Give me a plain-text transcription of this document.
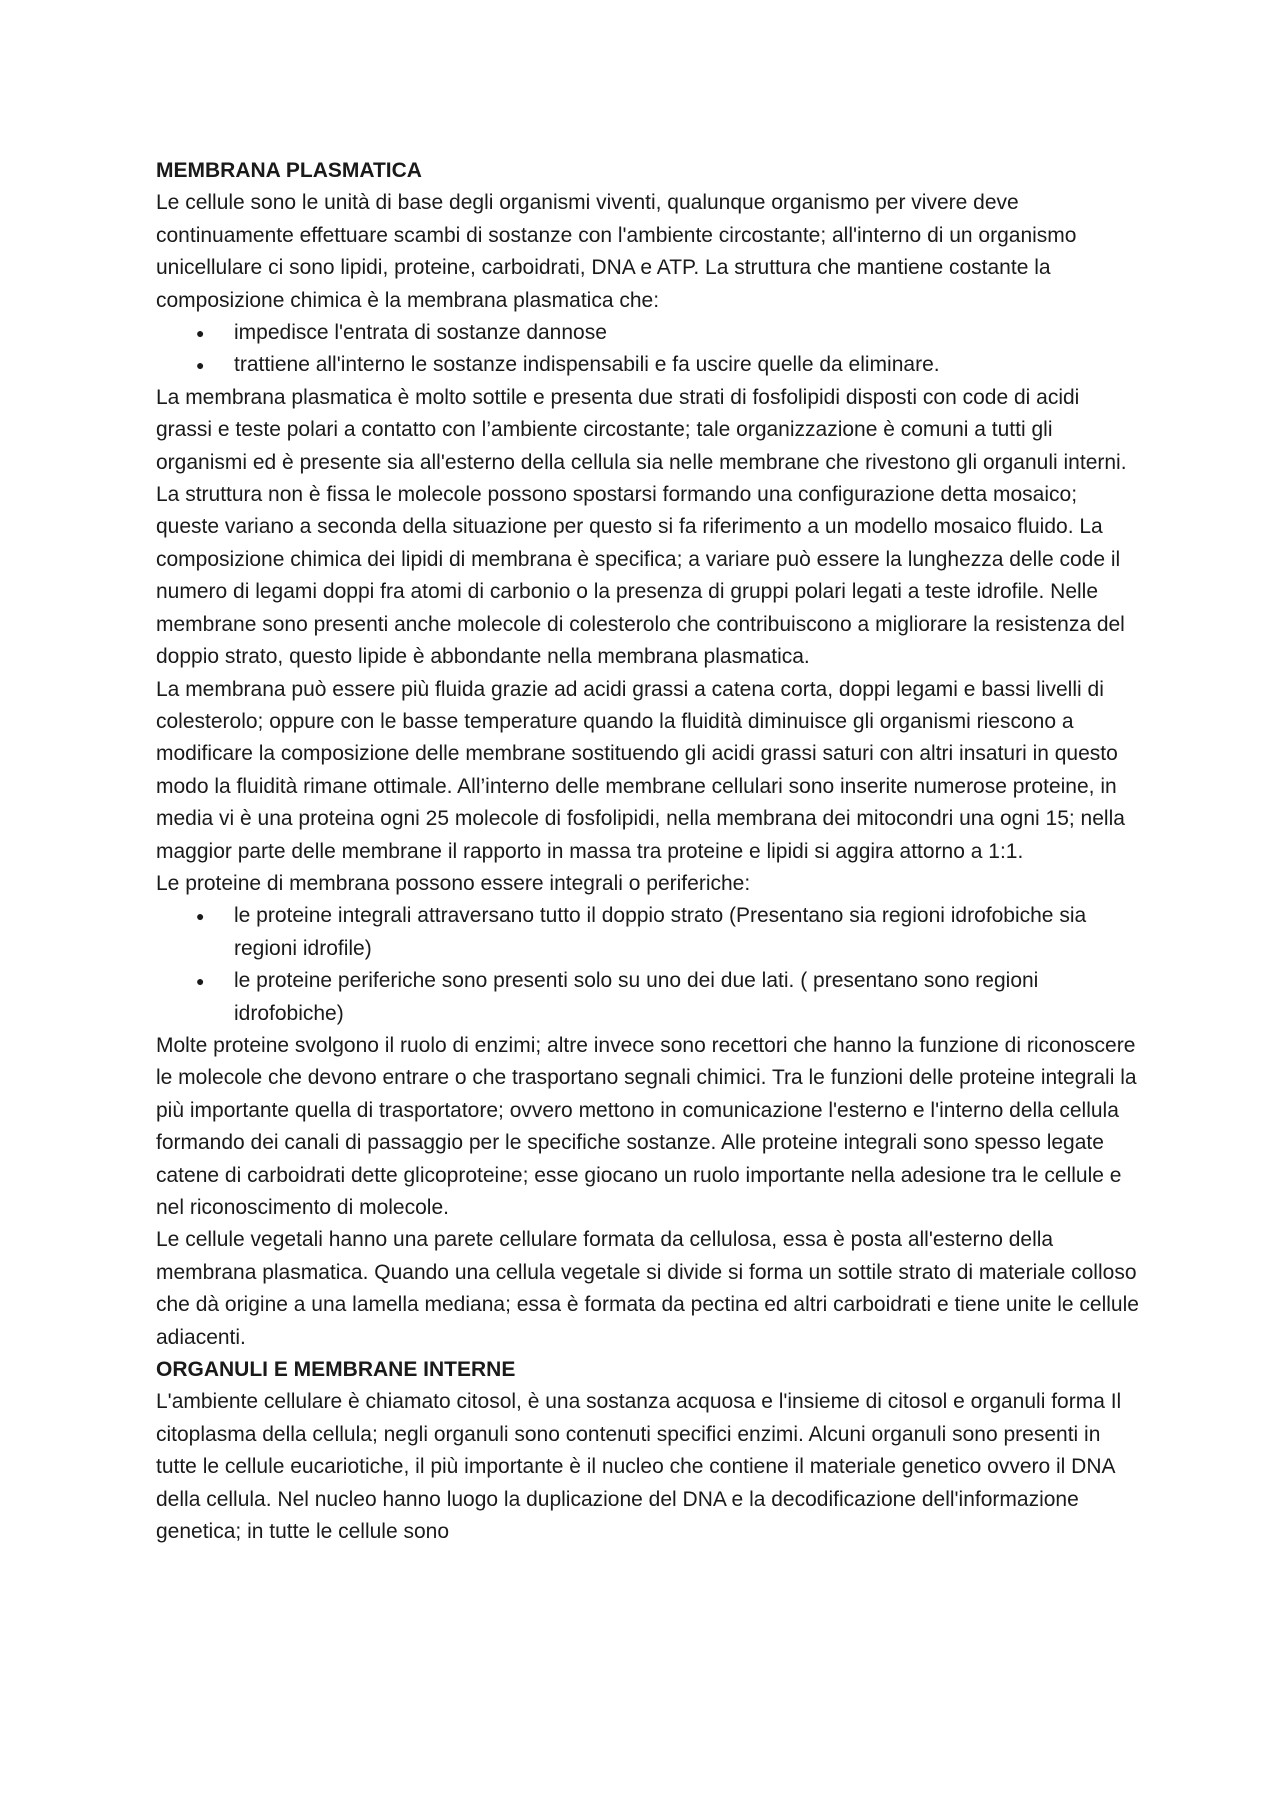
MEMBRANA PLASMATICA

Le cellule sono le unità di base degli organismi viventi, qualunque organismo per vivere deve continuamente effettuare scambi di sostanze con l'ambiente circostante; all'interno di un organismo unicellulare ci sono lipidi, proteine, carboidrati, DNA e ATP. La struttura che mantiene costante la composizione chimica è la membrana plasmatica che:

● impedisce l'entrata di sostanze dannose
● trattiene all'interno le sostanze indispensabili e fa uscire quelle da eliminare.

La membrana plasmatica è molto sottile e presenta due strati di fosfolipidi disposti con code di acidi grassi e teste polari a contatto con l’ambiente circostante; tale organizzazione è comuni a tutti gli organismi ed è presente sia all'esterno della cellula sia nelle membrane che rivestono gli organuli interni. La struttura non è fissa le molecole possono spostarsi formando una configurazione detta mosaico; queste variano a seconda della situazione per questo si fa riferimento a un modello mosaico fluido. La composizione chimica dei lipidi di membrana è specifica; a variare può essere la lunghezza delle code il numero di legami doppi fra atomi di carbonio o la presenza di gruppi polari legati a teste idrofile. Nelle membrane sono presenti anche molecole di colesterolo che contribuiscono a migliorare la resistenza del doppio strato, questo lipide è abbondante nella membrana plasmatica.

La membrana può essere più fluida grazie ad acidi grassi a catena corta, doppi legami e bassi livelli di colesterolo; oppure con le basse temperature quando la fluidità diminuisce gli organismi riescono a modificare la composizione delle membrane sostituendo gli acidi grassi saturi con altri insaturi in questo modo la fluidità rimane ottimale. All’interno delle membrane cellulari sono inserite numerose proteine, in media vi è una proteina ogni 25 molecole di fosfolipidi, nella membrana dei mitocondri una ogni 15; nella maggior parte delle membrane il rapporto in massa tra proteine e lipidi si aggira attorno a 1:1.

Le proteine di membrana possono essere integrali o periferiche:

● le proteine integrali attraversano tutto il doppio strato (Presentano sia regioni idrofobiche sia regioni idrofile)
● le proteine periferiche sono presenti solo su uno dei due lati. ( presentano sono regioni idrofobiche)

Molte proteine svolgono il ruolo di enzimi; altre invece sono recettori che hanno la funzione di riconoscere le molecole che devono entrare o che trasportano segnali chimici. Tra le funzioni delle proteine integrali la più importante quella di trasportatore; ovvero mettono in comunicazione l'esterno e l'interno della cellula formando dei canali di passaggio per le specifiche sostanze. Alle proteine integrali sono spesso legate catene di carboidrati dette glicoproteine; esse giocano un ruolo importante nella adesione tra le cellule e nel riconoscimento di molecole.

Le cellule vegetali hanno una parete cellulare formata da cellulosa, essa è posta all'esterno della membrana plasmatica. Quando una cellula vegetale si divide si forma un sottile strato di materiale colloso che dà origine a una lamella mediana; essa è formata da pectina ed altri carboidrati e tiene unite le cellule adiacenti.

ORGANULI E MEMBRANE INTERNE

L'ambiente cellulare è chiamato citosol, è una sostanza acquosa e l'insieme di citosol e organuli forma Il citoplasma della cellula; negli organuli sono contenuti specifici enzimi. Alcuni organuli sono presenti in tutte le cellule eucariotiche, il più importante è il nucleo che contiene il materiale genetico ovvero il DNA della cellula. Nel nucleo hanno luogo la duplicazione del DNA e la decodificazione dell'informazione genetica; in tutte le cellule sono
